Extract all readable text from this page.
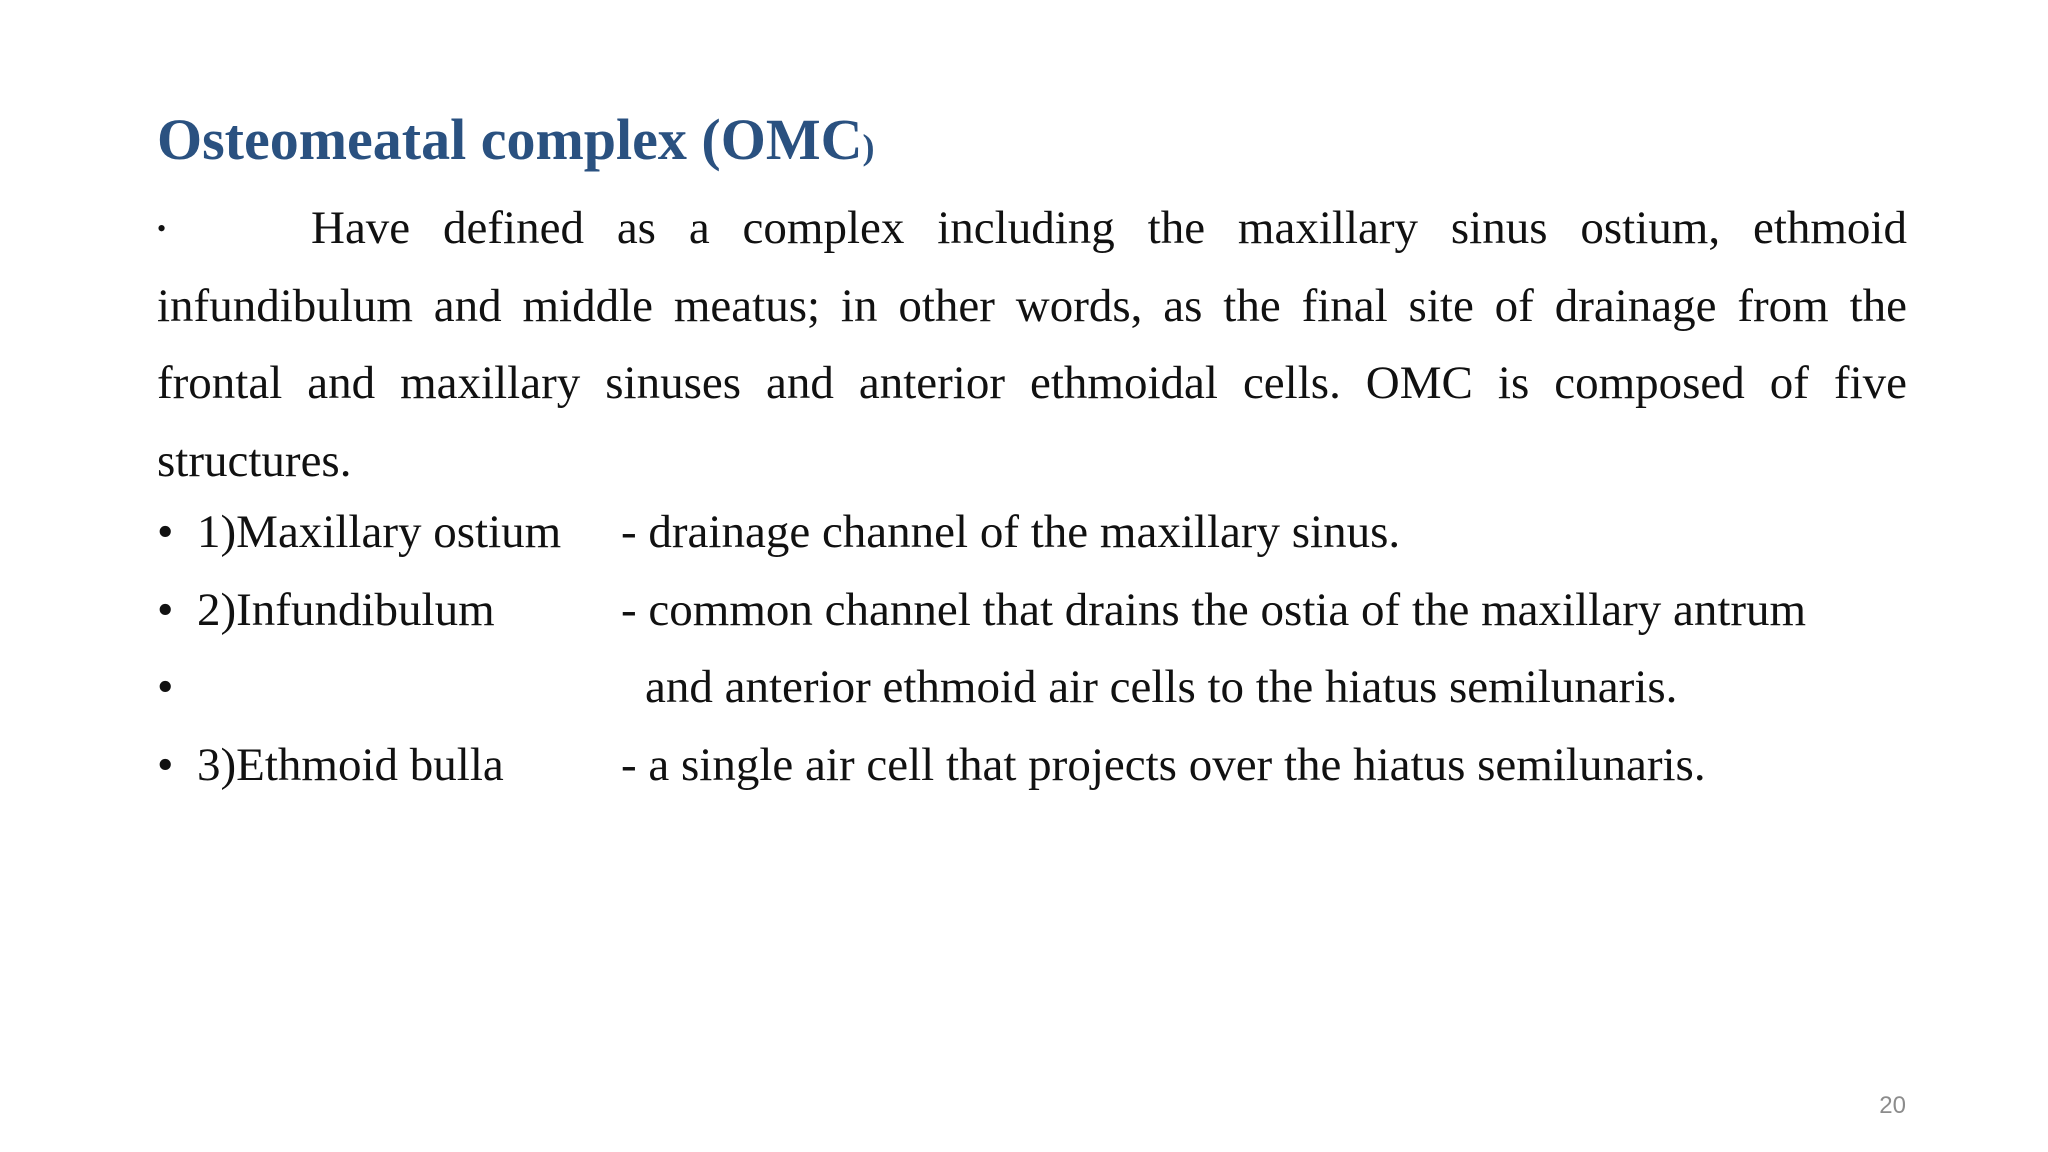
Osteomeatal complex (OMC)
•	Have defined as a complex including the maxillary sinus ostium, ethmoid infundibulum and middle meatus; in other words, as the final site of drainage from the frontal and maxillary sinuses and anterior ethmoidal cells. OMC is composed of five structures.
• 1)Maxillary ostium	- drainage channel of the maxillary sinus.
• 2)Infundibulum	- common channel that drains the ostia of the maxillary antrum
•	and anterior ethmoid air cells to the hiatus semilunaris.
• 3)Ethmoid bulla	- a single air cell that projects over the hiatus semilunaris.
20
